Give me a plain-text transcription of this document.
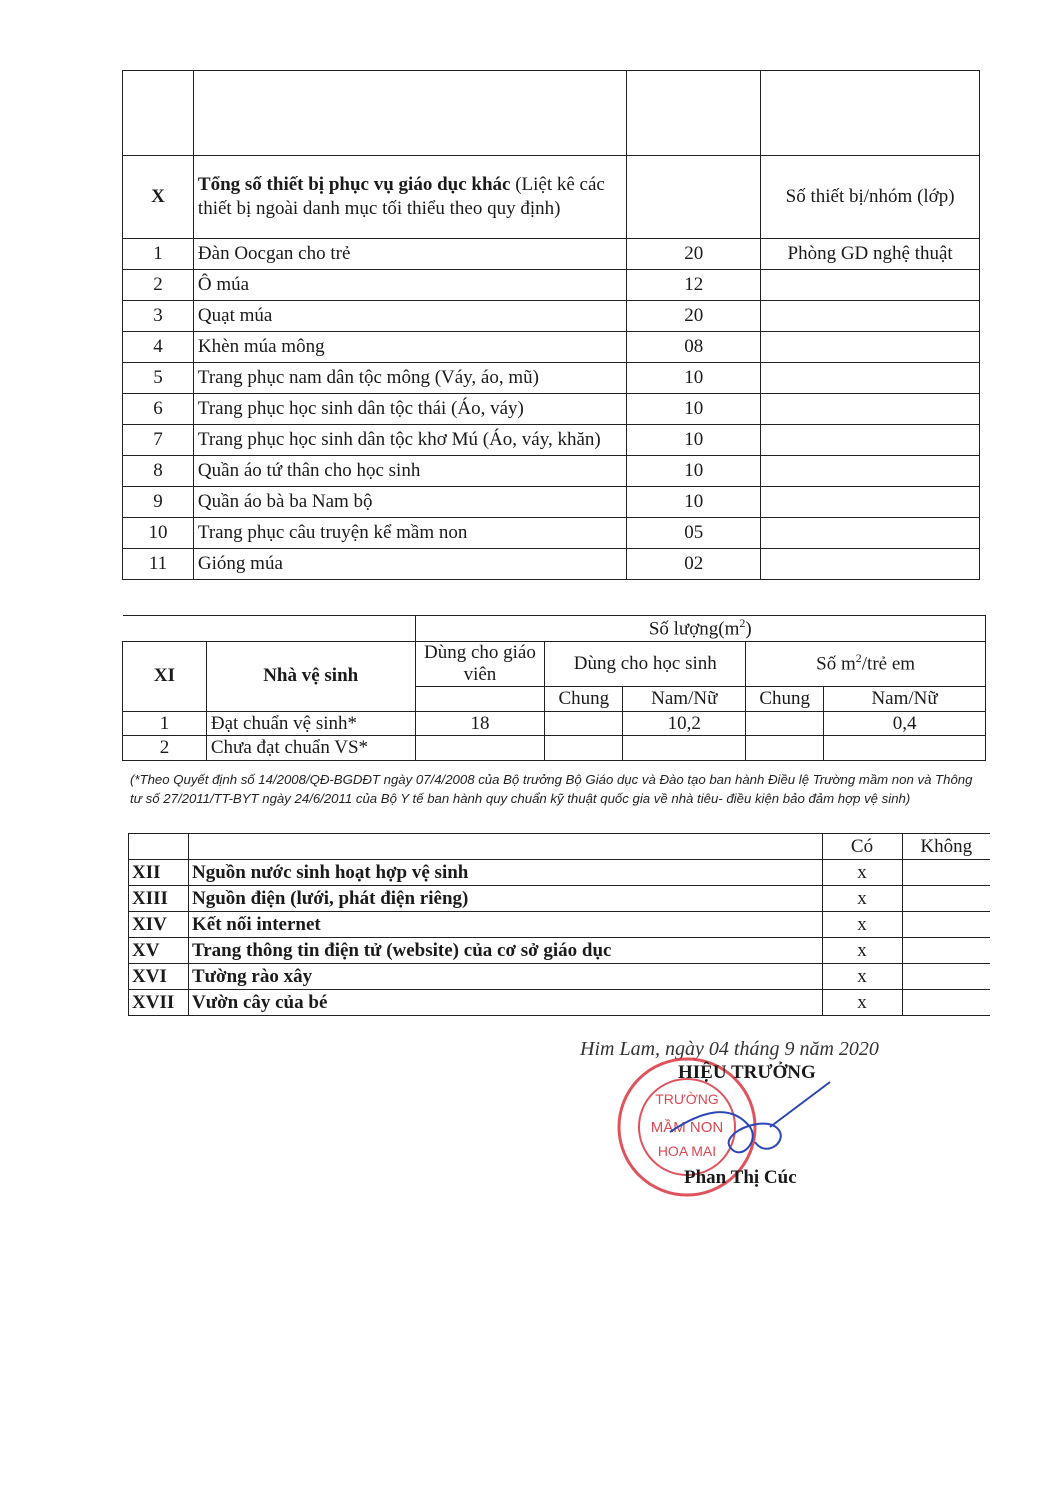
X	Tổng số thiết bị phục vụ giáo dục khác (Liệt kê các thiết bị ngoài danh mục tối thiểu theo quy định)		Số thiết bị/nhóm (lớp)
1	Đàn Oocgan cho trẻ	20	Phòng GD nghệ thuật
2	Ô múa	12	
3	Quạt múa	20	
4	Khèn múa mông	08	
5	Trang phục nam dân tộc mông (Váy, áo, mũ)	10	
6	Trang phục học sinh dân tộc thái (Áo, váy)	10	
7	Trang phục học sinh dân tộc khơ Mú (Áo, váy, khăn)	10	
8	Quần áo tứ thân cho học sinh	10	
9	Quần áo bà ba Nam bộ	10	
10	Trang phục câu truyện kể mầm non	05	
11	Gióng múa	02	
		Số $lượng(m^2)$				
XI	Nhà vệ sinh	Dùng cho giáo viên	Dùng cho học sinh		Số $m^2$/trẻ em	

			Chung	Nam/Nữ	Chung	Nam/Nữ
1	Đạt chuẩn vệ sinh*	18		10,2		0,4
2	Chưa đạt chuẩn VS*					
(*Theo Quyết định số 14/2008/QĐ-BGDĐT ngày 07/4/2008 của Bộ trưởng Bộ Giáo dục và Đào tạo ban hành Điều lệ Trường mầm non và Thông tư số 27/2011/TT-BYT ngày 24/6/2011 của Bộ Y tế ban hành quy chuẩn kỹ thuật quốc gia về nhà tiêu- điều kiện bảo đảm hợp vệ sinh)
		Có	Không
XII	Nguồn nước sinh hoạt hợp vệ sinh	x	
XIII	Nguồn điện (lưới, phát điện riêng)	x	
XIV	Kết nối internet	x	
XV	Trang thông tin điện tử (website) của cơ sở giáo dục	x	
XVI	Tường rào xây	x	
XVII	Vườn cây của bé	x	
Him Lam, ngày 04 tháng 9 năm 2020
TRƯỜNG
MẦM NON
HOA MAI
HIỆU TRƯỞNG
Phan Thị Cúc
